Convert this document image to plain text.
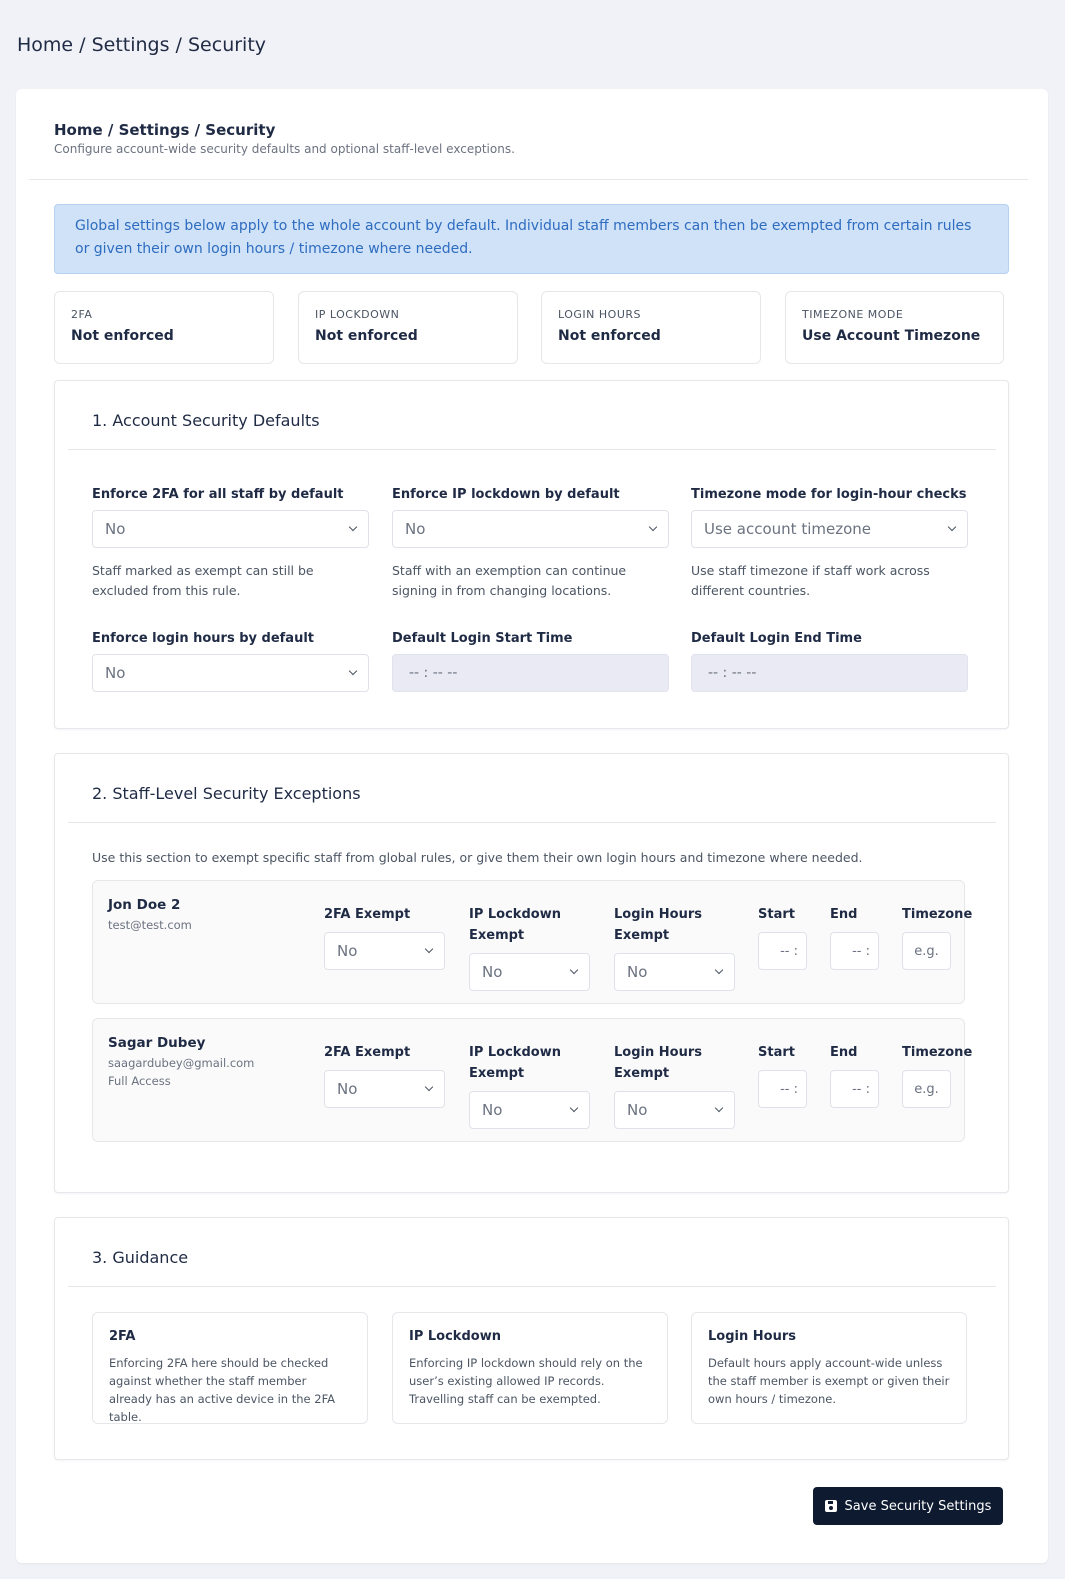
Home / Settings / Security
Home / Settings / Security
Configure account-wide security defaults and optional staff-level exceptions.
Global settings below apply to the whole account by default. Individual staff members can then be exempted from certain rules or given their own login hours / timezone where needed.
2FA
Not enforced
IP LOCKDOWN
Not enforced
LOGIN HOURS
Not enforced
TIMEZONE MODE
Use Account Timezone
1. Account Security Defaults
Enforce 2FA for all staff by default
No
Staff marked as exempt can still be excluded from this rule.
Enforce IP lockdown by default
No
Staff with an exemption can continue signing in from changing locations.
Timezone mode for login-hour checks
Use account timezone
Use staff timezone if staff work across different countries.
Enforce login hours by default
No
Default Login Start Time
-- : -- --
Default Login End Time
-- : -- --
2. Staff-Level Security Exceptions
Use this section to exempt specific staff from global rules, or give them their own login hours and timezone where needed.
Jon Doe 2
test@test.com
2FA Exempt
No
IP Lockdown Exempt
No
Login Hours Exempt
No
Start
-- :
End
-- :
Timezone
e.g.
Sagar Dubey
saagardubey@gmail.com
Full Access
2FA Exempt
No
IP Lockdown Exempt
No
Login Hours Exempt
No
Start
-- :
End
-- :
Timezone
e.g.
3. Guidance
2FA
Enforcing 2FA here should be checked against whether the staff member already has an active device in the 2FA table.
IP Lockdown
Enforcing IP lockdown should rely on the user’s existing allowed IP records. Travelling staff can be exempted.
Login Hours
Default hours apply account-wide unless the staff member is exempt or given their own hours / timezone.
Save Security Settings
